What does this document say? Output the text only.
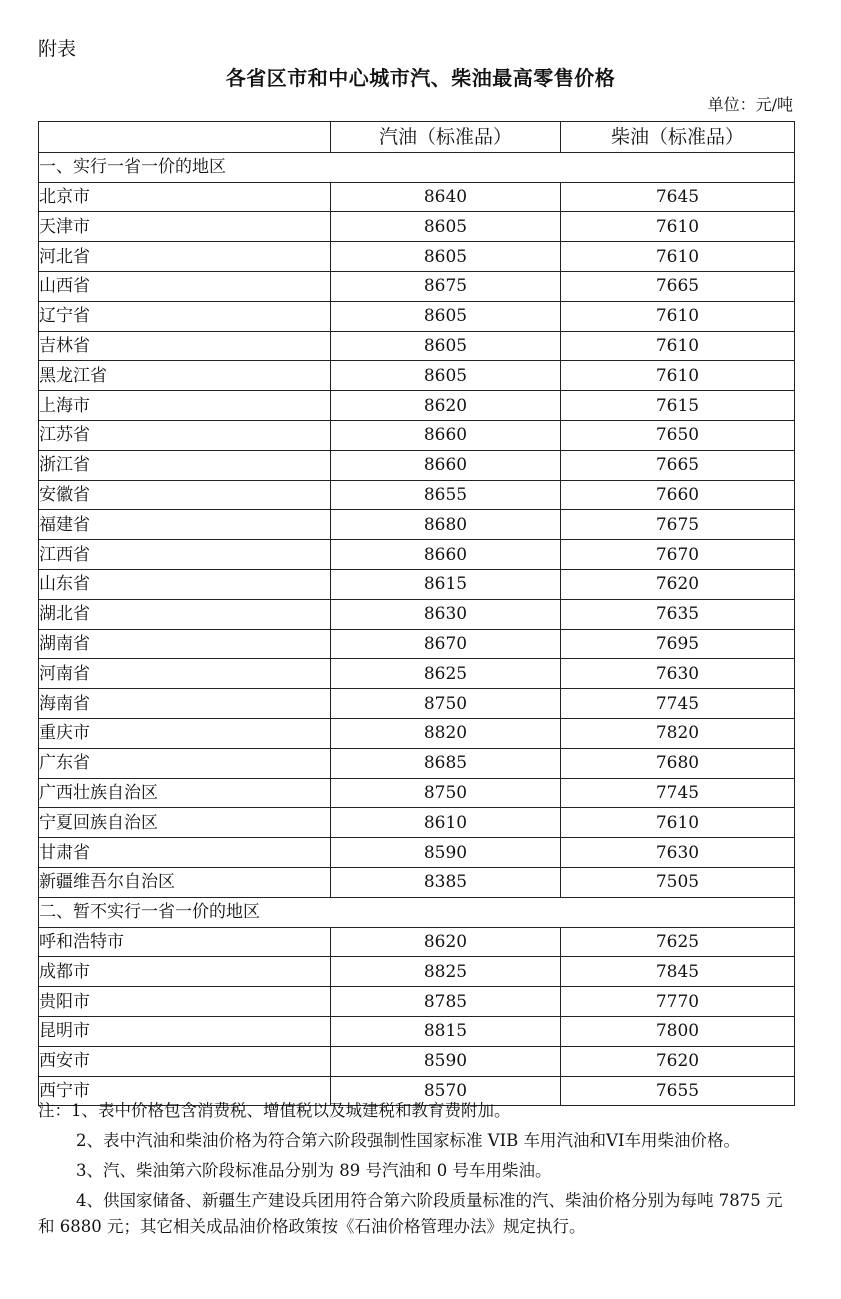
附表
各省区市和中心城市汽、柴油最高零售价格
单位：元/吨
	汽油（标准品）	柴油（标准品）
一、实行一省一价的地区		
北京市	8640	7645
天津市	8605	7610
河北省	8605	7610
山西省	8675	7665
辽宁省	8605	7610
吉林省	8605	7610
黑龙江省	8605	7610
上海市	8620	7615
江苏省	8660	7650
浙江省	8660	7665
安徽省	8655	7660
福建省	8680	7675
江西省	8660	7670
山东省	8615	7620
湖北省	8630	7635
湖南省	8670	7695
河南省	8625	7630
海南省	8750	7745
重庆市	8820	7820
广东省	8685	7680
广西壮族自治区	8750	7745
宁夏回族自治区	8610	7610
甘肃省	8590	7630
新疆维吾尔自治区	8385	7505
二、暂不实行一省一价的地区		
呼和浩特市	8620	7625
成都市	8825	7845
贵阳市	8785	7770
昆明市	8815	7800
西安市	8590	7620
西宁市	8570	7655

注：1、表中价格包含消费税、增值税以及城建税和教育费附加。

2、表中汽油和柴油价格为符合第六阶段强制性国家标准 VIB 车用汽油和VI车用柴油价格。

3、汽、柴油第六阶段标准品分别为 89 号汽油和 0 号车用柴油。

4、供国家储备、新疆生产建设兵团用符合第六阶段质量标准的汽、柴油价格分别为每吨 7875 元和 6880 元；其它相关成品油价格政策按《石油价格管理办法》规定执行。
